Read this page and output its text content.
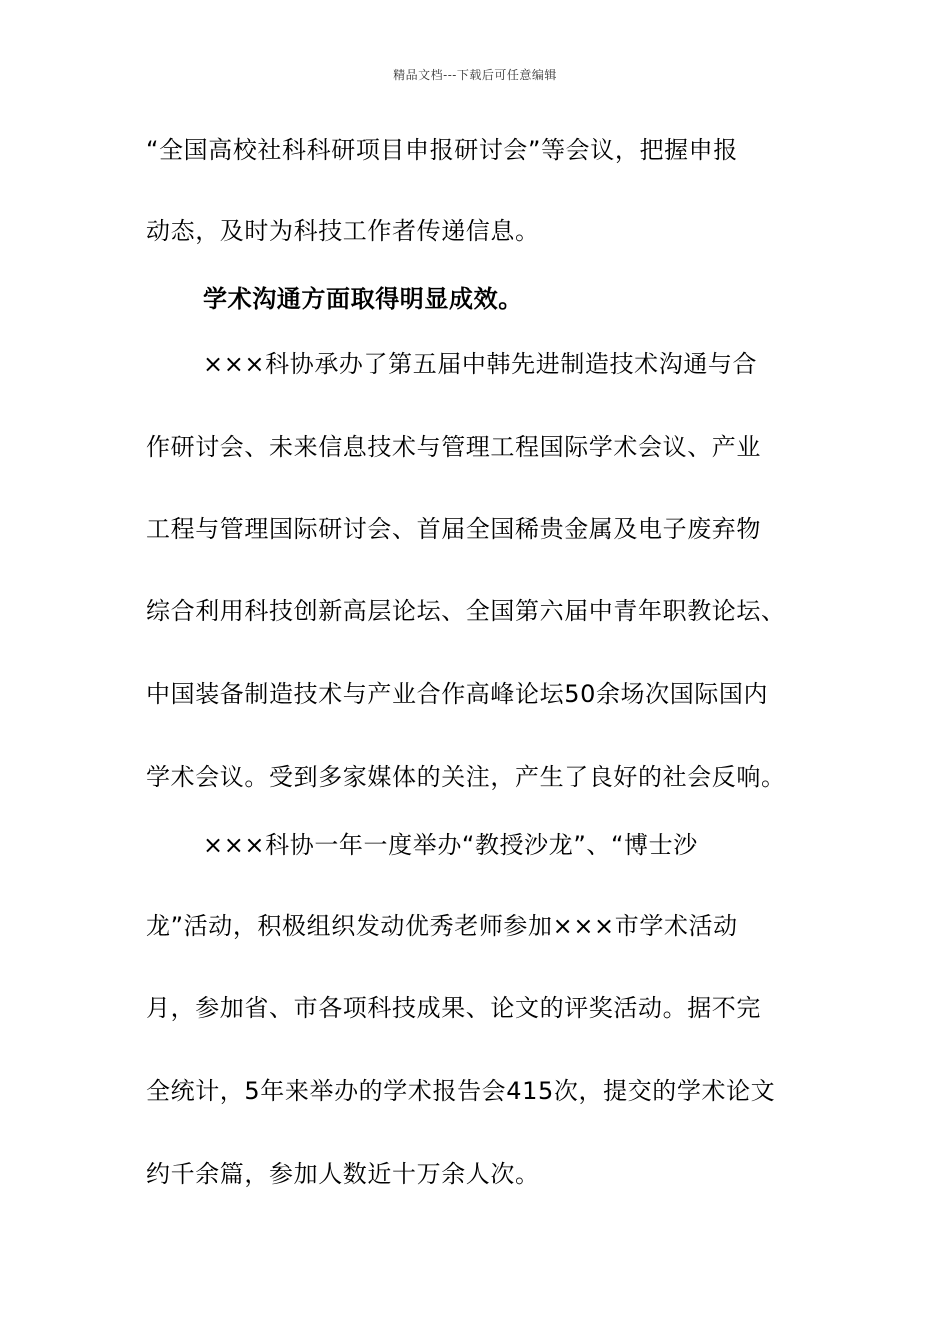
精品文档---下载后可任意编辑
“全国高校社科科研项目申报研讨会”等会议，把握申报
动态，及时为科技工作者传递信息。
学术沟通方面取得明显成效。
×××科协承办了第五届中韩先进制造技术沟通与合
作研讨会、未来信息技术与管理工程国际学术会议、产业
工程与管理国际研讨会、首届全国稀贵金属及电子废弃物
综合利用科技创新高层论坛、全国第六届中青年职教论坛、
中国装备制造技术与产业合作高峰论坛50余场次国际国内
学术会议。受到多家媒体的关注，产生了良好的社会反响。
×××科协一年一度举办“教授沙龙”、“博士沙
龙”活动，积极组织发动优秀老师参加×××市学术活动
月，参加省、市各项科技成果、论文的评奖活动。据不完
全统计，5年来举办的学术报告会415次，提交的学术论文
约千余篇，参加人数近十万余人次。
